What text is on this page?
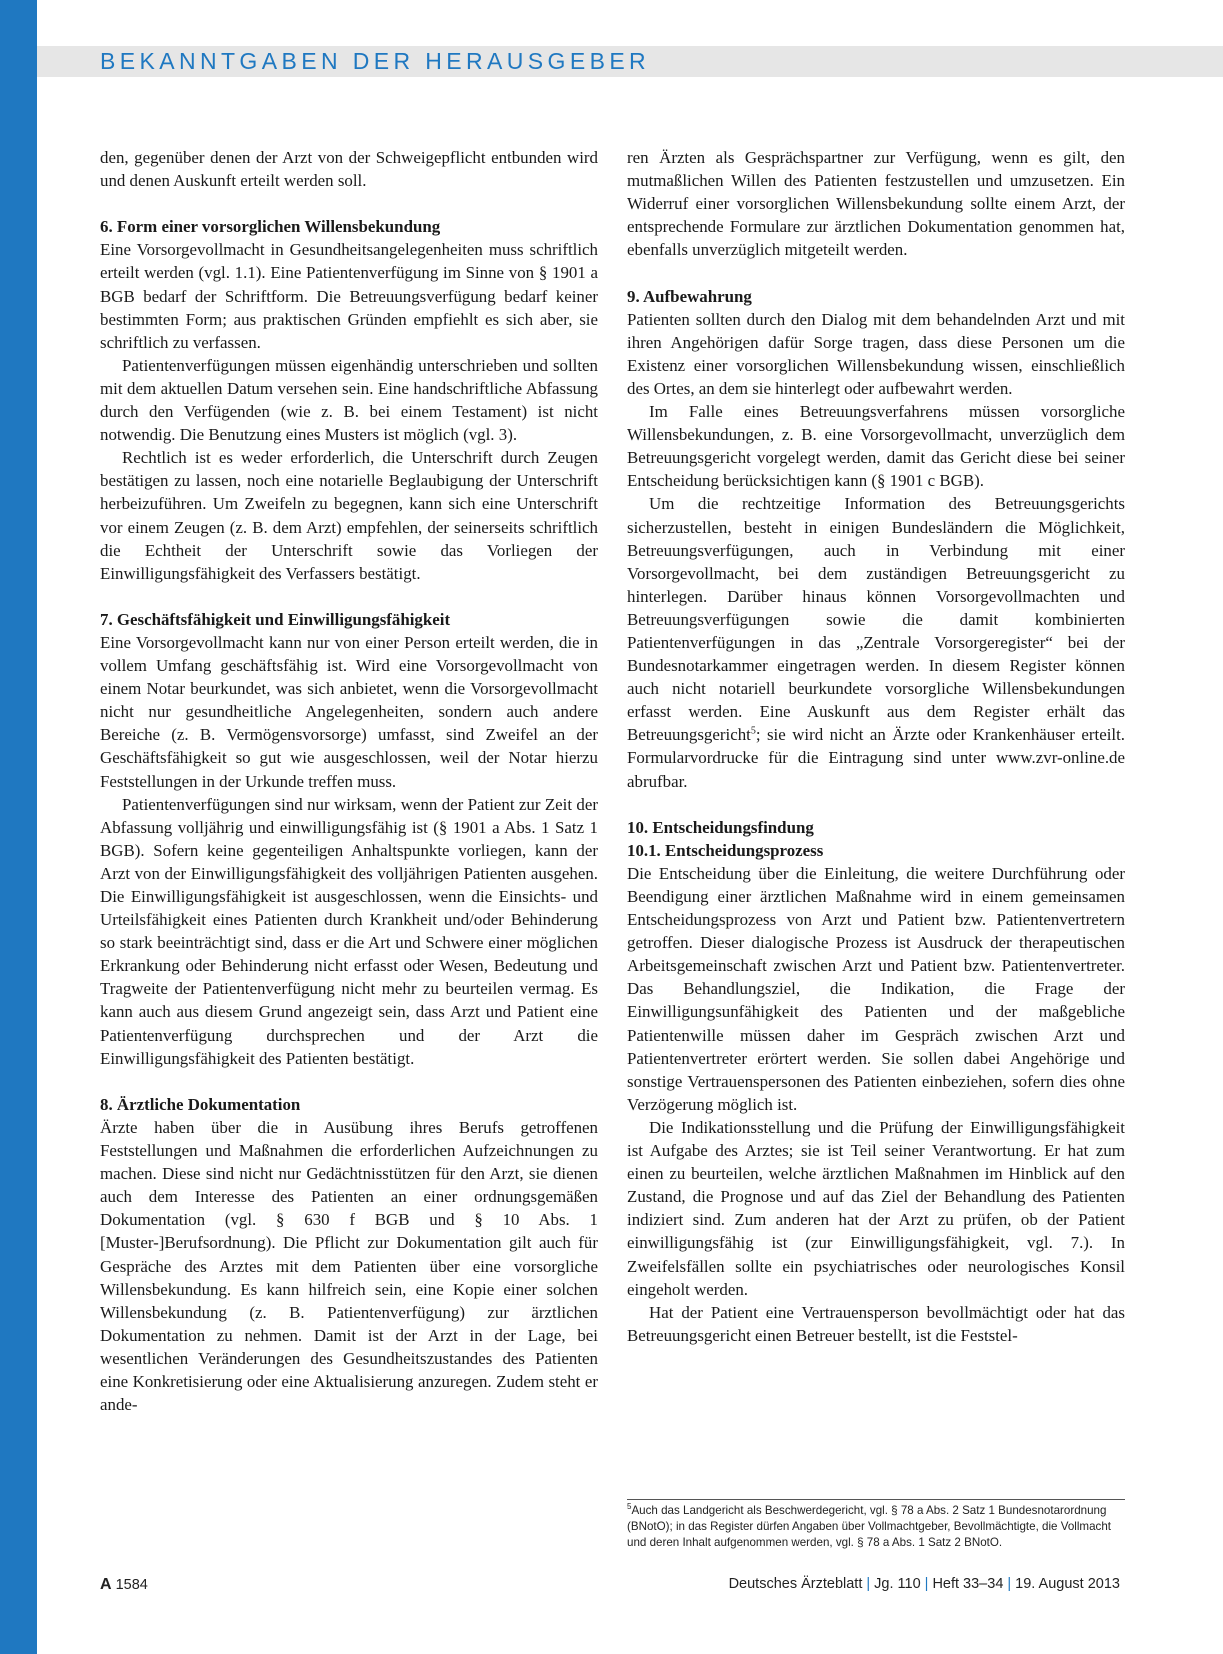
BEKANNTGABEN DER HERAUSGEBER

den, gegenüber denen der Arzt von der Schweigepflicht entbunden wird und denen Auskunft erteilt werden soll.

6. Form einer vorsorglichen Willensbekundung

Eine Vorsorgevollmacht in Gesundheitsangelegenheiten muss schriftlich erteilt werden (vgl. 1.1). Eine Patientenverfügung im Sinne von § 1901 a BGB bedarf der Schriftform. Die Betreuungsverfügung bedarf keiner bestimmten Form; aus praktischen Gründen empfiehlt es sich aber, sie schriftlich zu verfassen.

Patientenverfügungen müssen eigenhändig unterschrieben und sollten mit dem aktuellen Datum versehen sein. Eine handschriftliche Abfassung durch den Verfügenden (wie z. B. bei einem Testament) ist nicht notwendig. Die Benutzung eines Musters ist möglich (vgl. 3).

Rechtlich ist es weder erforderlich, die Unterschrift durch Zeugen bestätigen zu lassen, noch eine notarielle Beglaubigung der Unterschrift herbeizuführen. Um Zweifeln zu begegnen, kann sich eine Unterschrift vor einem Zeugen (z. B. dem Arzt) empfehlen, der seinerseits schriftlich die Echtheit der Unterschrift sowie das Vorliegen der Einwilligungsfähigkeit des Verfassers bestätigt.

7. Geschäftsfähigkeit und Einwilligungsfähigkeit

Eine Vorsorgevollmacht kann nur von einer Person erteilt werden, die in vollem Umfang geschäftsfähig ist. Wird eine Vorsorgevollmacht von einem Notar beurkundet, was sich anbietet, wenn die Vorsorgevollmacht nicht nur gesundheitliche Angelegenheiten, sondern auch andere Bereiche (z. B. Vermögensvorsorge) umfasst, sind Zweifel an der Geschäftsfähigkeit so gut wie ausgeschlossen, weil der Notar hierzu Feststellungen in der Urkunde treffen muss.

Patientenverfügungen sind nur wirksam, wenn der Patient zur Zeit der Abfassung volljährig und einwilligungsfähig ist (§ 1901 a Abs. 1 Satz 1 BGB). Sofern keine gegenteiligen Anhaltspunkte vorliegen, kann der Arzt von der Einwilligungsfähigkeit des volljährigen Patienten ausgehen. Die Einwilligungsfähigkeit ist ausgeschlossen, wenn die Einsichts- und Urteilsfähigkeit eines Patienten durch Krankheit und/oder Behinderung so stark beeinträchtigt sind, dass er die Art und Schwere einer möglichen Erkrankung oder Behinderung nicht erfasst oder Wesen, Bedeutung und Tragweite der Patientenverfügung nicht mehr zu beurteilen vermag. Es kann auch aus diesem Grund angezeigt sein, dass Arzt und Patient eine Patientenverfügung durchsprechen und der Arzt die Einwilligungsfähigkeit des Patienten bestätigt.

8. Ärztliche Dokumentation

Ärzte haben über die in Ausübung ihres Berufs getroffenen Feststellungen und Maßnahmen die erforderlichen Aufzeichnungen zu machen. Diese sind nicht nur Gedächtnisstützen für den Arzt, sie dienen auch dem Interesse des Patienten an einer ordnungsgemäßen Dokumentation (vgl. § 630 f BGB und § 10 Abs. 1 [Muster-]Berufsordnung). Die Pflicht zur Dokumentation gilt auch für Gespräche des Arztes mit dem Patienten über eine vorsorgliche Willensbekundung. Es kann hilfreich sein, eine Kopie einer solchen Willensbekundung (z. B. Patientenverfügung) zur ärztlichen Dokumentation zu nehmen. Damit ist der Arzt in der Lage, bei wesentlichen Veränderungen des Gesundheitszustandes des Patienten eine Konkretisierung oder eine Aktualisierung anzuregen. Zudem steht er ande-

ren Ärzten als Gesprächspartner zur Verfügung, wenn es gilt, den mutmaßlichen Willen des Patienten festzustellen und umzusetzen. Ein Widerruf einer vorsorglichen Willensbekundung sollte einem Arzt, der entsprechende Formulare zur ärztlichen Dokumentation genommen hat, ebenfalls unverzüglich mitgeteilt werden.

9. Aufbewahrung

Patienten sollten durch den Dialog mit dem behandelnden Arzt und mit ihren Angehörigen dafür Sorge tragen, dass diese Personen um die Existenz einer vorsorglichen Willensbekundung wissen, einschließlich des Ortes, an dem sie hinterlegt oder aufbewahrt werden.

Im Falle eines Betreuungsverfahrens müssen vorsorgliche Willensbekundungen, z. B. eine Vorsorgevollmacht, unverzüglich dem Betreuungsgericht vorgelegt werden, damit das Gericht diese bei seiner Entscheidung berücksichtigen kann (§ 1901 c BGB).

Um die rechtzeitige Information des Betreuungsgerichts sicherzustellen, besteht in einigen Bundesländern die Möglichkeit, Betreuungsverfügungen, auch in Verbindung mit einer Vorsorgevollmacht, bei dem zuständigen Betreuungsgericht zu hinterlegen. Darüber hinaus können Vorsorgevollmachten und Betreuungsverfügungen sowie die damit kombinierten Patientenverfügungen in das „Zentrale Vorsorgeregister“ bei der Bundesnotarkammer eingetragen werden. In diesem Register können auch nicht notariell beurkundete vorsorgliche Willensbekundungen erfasst werden. Eine Auskunft aus dem Register erhält das Betreuungsgericht$^5$; sie wird nicht an Ärzte oder Krankenhäuser erteilt. Formularvordrucke für die Eintragung sind unter www.zvr-online.de abrufbar.

10. Entscheidungsfindung
10.1. Entscheidungsprozess

Die Entscheidung über die Einleitung, die weitere Durchführung oder Beendigung einer ärztlichen Maßnahme wird in einem gemeinsamen Entscheidungsprozess von Arzt und Patient bzw. Patientenvertretern getroffen. Dieser dialogische Prozess ist Ausdruck der therapeutischen Arbeitsgemeinschaft zwischen Arzt und Patient bzw. Patientenvertreter. Das Behandlungsziel, die Indikation, die Frage der Einwilligungsunfähigkeit des Patienten und der maßgebliche Patientenwille müssen daher im Gespräch zwischen Arzt und Patientenvertreter erörtert werden. Sie sollen dabei Angehörige und sonstige Vertrauenspersonen des Patienten einbeziehen, sofern dies ohne Verzögerung möglich ist.

Die Indikationsstellung und die Prüfung der Einwilligungsfähigkeit ist Aufgabe des Arztes; sie ist Teil seiner Verantwortung. Er hat zum einen zu beurteilen, welche ärztlichen Maßnahmen im Hinblick auf den Zustand, die Prognose und auf das Ziel der Behandlung des Patienten indiziert sind. Zum anderen hat der Arzt zu prüfen, ob der Patient einwilligungsfähig ist (zur Einwilligungsfähigkeit, vgl. 7.). In Zweifelsfällen sollte ein psychiatrisches oder neurologisches Konsil eingeholt werden.

Hat der Patient eine Vertrauensperson bevollmächtigt oder hat das Betreuungsgericht einen Betreuer bestellt, ist die Feststel-

$^5$Auch das Landgericht als Beschwerdegericht, vgl. § 78 a Abs. 2 Satz 1 Bundesnotarordnung (BNotO); in das Register dürfen Angaben über Vollmachtgeber, Bevollmächtigte, die Vollmacht und deren Inhalt aufgenommen werden, vgl. § 78 a Abs. 1 Satz 2 BNotO.
A 1584	Deutsches Ärzteblatt | Jg. 110 | Heft 33–34 | 19. August 2013
